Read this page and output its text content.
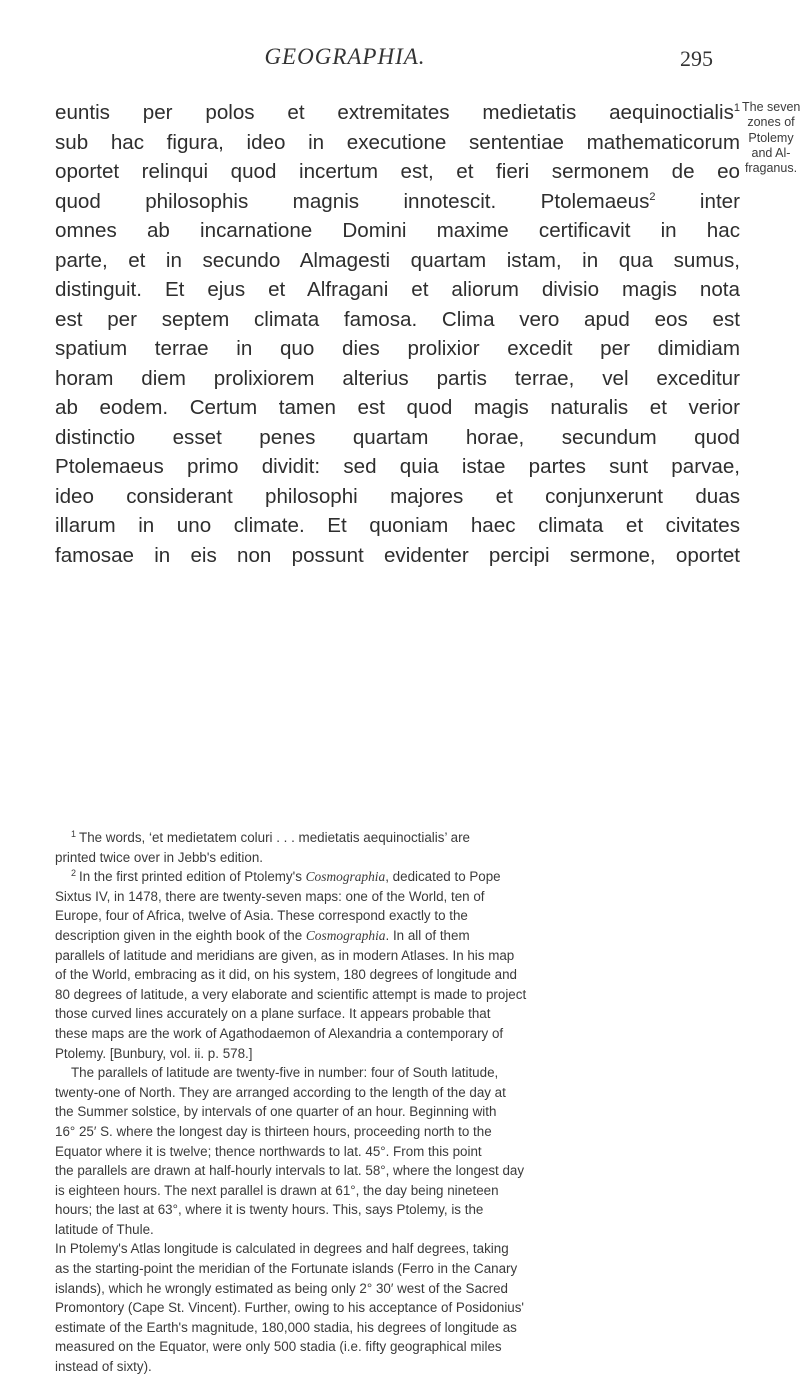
GEOGRAPHIA.	295
euntis per polos et extremitates medietatis aequinoctialis$^1$
sub hac figura, ideo in executione sententiae mathematicorum
oportet relinqui quod incertum est, et fieri sermonem de eo
quod philosophis magnis innotescit. Ptolemaeus$^2$ inter
omnes ab incarnatione Domini maxime certificavit in hac
parte, et in secundo Almagesti quartam istam, in qua sumus,
distinguit. Et ejus et Alfragani et aliorum divisio magis nota
est per septem climata famosa. Clima vero apud eos est
spatium terrae in quo dies prolixior excedit per dimidiam
horam diem prolixiorem alterius partis terrae, vel exceditur
ab eodem. Certum tamen est quod magis naturalis et verior
distinctio esset penes quartam horae, secundum quod
Ptolemaeus primo dividit: sed quia istae partes sunt parvae,
ideo considerant philosophi majores et conjunxerunt duas
illarum in uno climate. Et quoniam haec climata et civitates
famosae in eis non possunt evidenter percipi sermone, oportet
The seven
zones of
Ptolemy
and Al-
fraganus.
$^1$ The words, ‘et medietatem coluri . . . medietatis aequinoctialis’ are
printed twice over in Jebb's edition.
$^2$ In the first printed edition of Ptolemy's Cosmographia, dedicated to Pope
Sixtus IV, in 1478, there are twenty-seven maps: one of the World, ten of
Europe, four of Africa, twelve of Asia. These correspond exactly to the
description given in the eighth book of the Cosmographia. In all of them
parallels of latitude and meridians are given, as in modern Atlases. In his map
of the World, embracing as it did, on his system, 180 degrees of longitude and
80 degrees of latitude, a very elaborate and scientific attempt is made to project
those curved lines accurately on a plane surface. It appears probable that
these maps are the work of Agathodaemon of Alexandria a contemporary of
Ptolemy. [Bunbury, vol. ii. p. 578.]
The parallels of latitude are twenty-five in number: four of South latitude,
twenty-one of North. They are arranged according to the length of the day at
the Summer solstice, by intervals of one quarter of an hour. Beginning with
16° 25′ S. where the longest day is thirteen hours, proceeding north to the
Equator where it is twelve; thence northwards to lat. 45°. From this point
the parallels are drawn at half-hourly intervals to lat. 58°, where the longest day
is eighteen hours. The next parallel is drawn at 61°, the day being nineteen
hours; the last at 63°, where it is twenty hours. This, says Ptolemy, is the
latitude of Thule.
In Ptolemy's Atlas longitude is calculated in degrees and half degrees, taking
as the starting-point the meridian of the Fortunate islands (Ferro in the Canary
islands), which he wrongly estimated as being only 2° 30′ west of the Sacred
Promontory (Cape St. Vincent). Further, owing to his acceptance of Posidonius'
estimate of the Earth's magnitude, 180,000 stadia, his degrees of longitude as
measured on the Equator, were only 500 stadia (i.e. fifty geographical miles
instead of sixty).
